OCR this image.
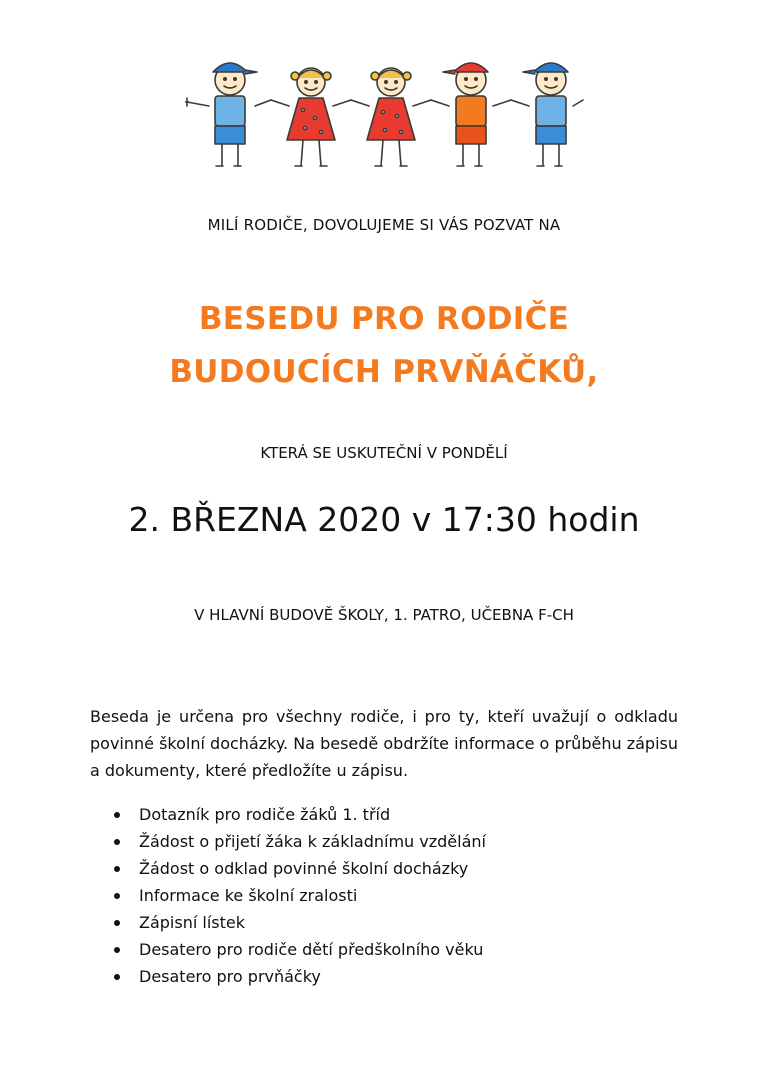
MILÍ RODIČE, DOVOLUJEME SI VÁS POZVAT NA
BESEDU PRO RODIČE
BUDOUCÍCH PRVŇÁČKŮ,
KTERÁ SE USKUTEČNÍ V PONDĚLÍ
2. BŘEZNA 2020 v 17:30 hodin
V HLAVNÍ BUDOVĚ ŠKOLY, 1. PATRO, UČEBNA F-CH
Beseda je určena pro všechny rodiče, i pro ty, kteří uvažují o odkladu povinné školní docházky. Na besedě obdržíte informace o průběhu zápisu a dokumenty, které předložíte u zápisu.
Dotazník pro rodiče žáků 1. tříd
Žádost o přijetí žáka k základnímu vzdělání
Žádost o odklad povinné školní docházky
Informace ke školní zralosti
Zápisní lístek
Desatero pro rodiče dětí předškolního věku
Desatero pro prvňáčky
